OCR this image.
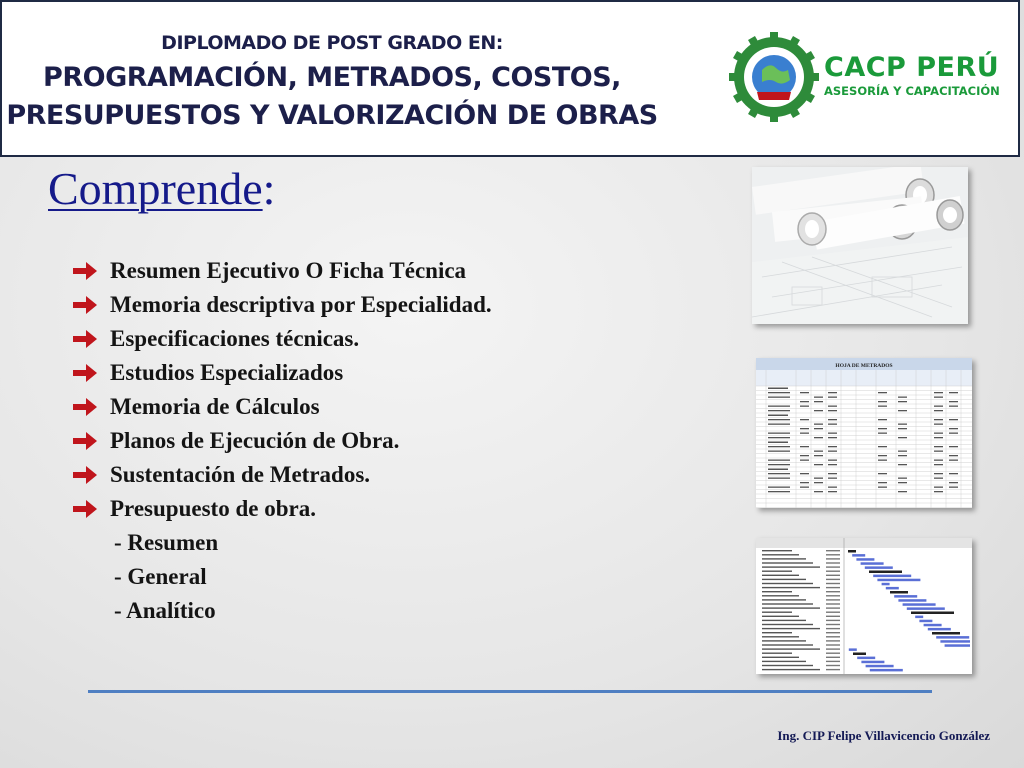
DIPLOMADO DE POST GRADO EN:
PROGRAMACIÓN, METRADOS, COSTOS,
PRESUPUESTOS Y VALORIZACIÓN DE OBRAS
CACP PERÚ
ASESORÍA Y CAPACITACIÓN
Comprende:
Resumen Ejecutivo O Ficha Técnica
Memoria descriptiva por Especialidad.
Especificaciones técnicas.
Estudios Especializados
Memoria de Cálculos
Planos de Ejecución de Obra.
Sustentación de Metrados.
Presupuesto de obra.
- Resumen
- General
- Analítico
HOJA DE METRADOS
Ing. CIP Felipe Villavicencio González
